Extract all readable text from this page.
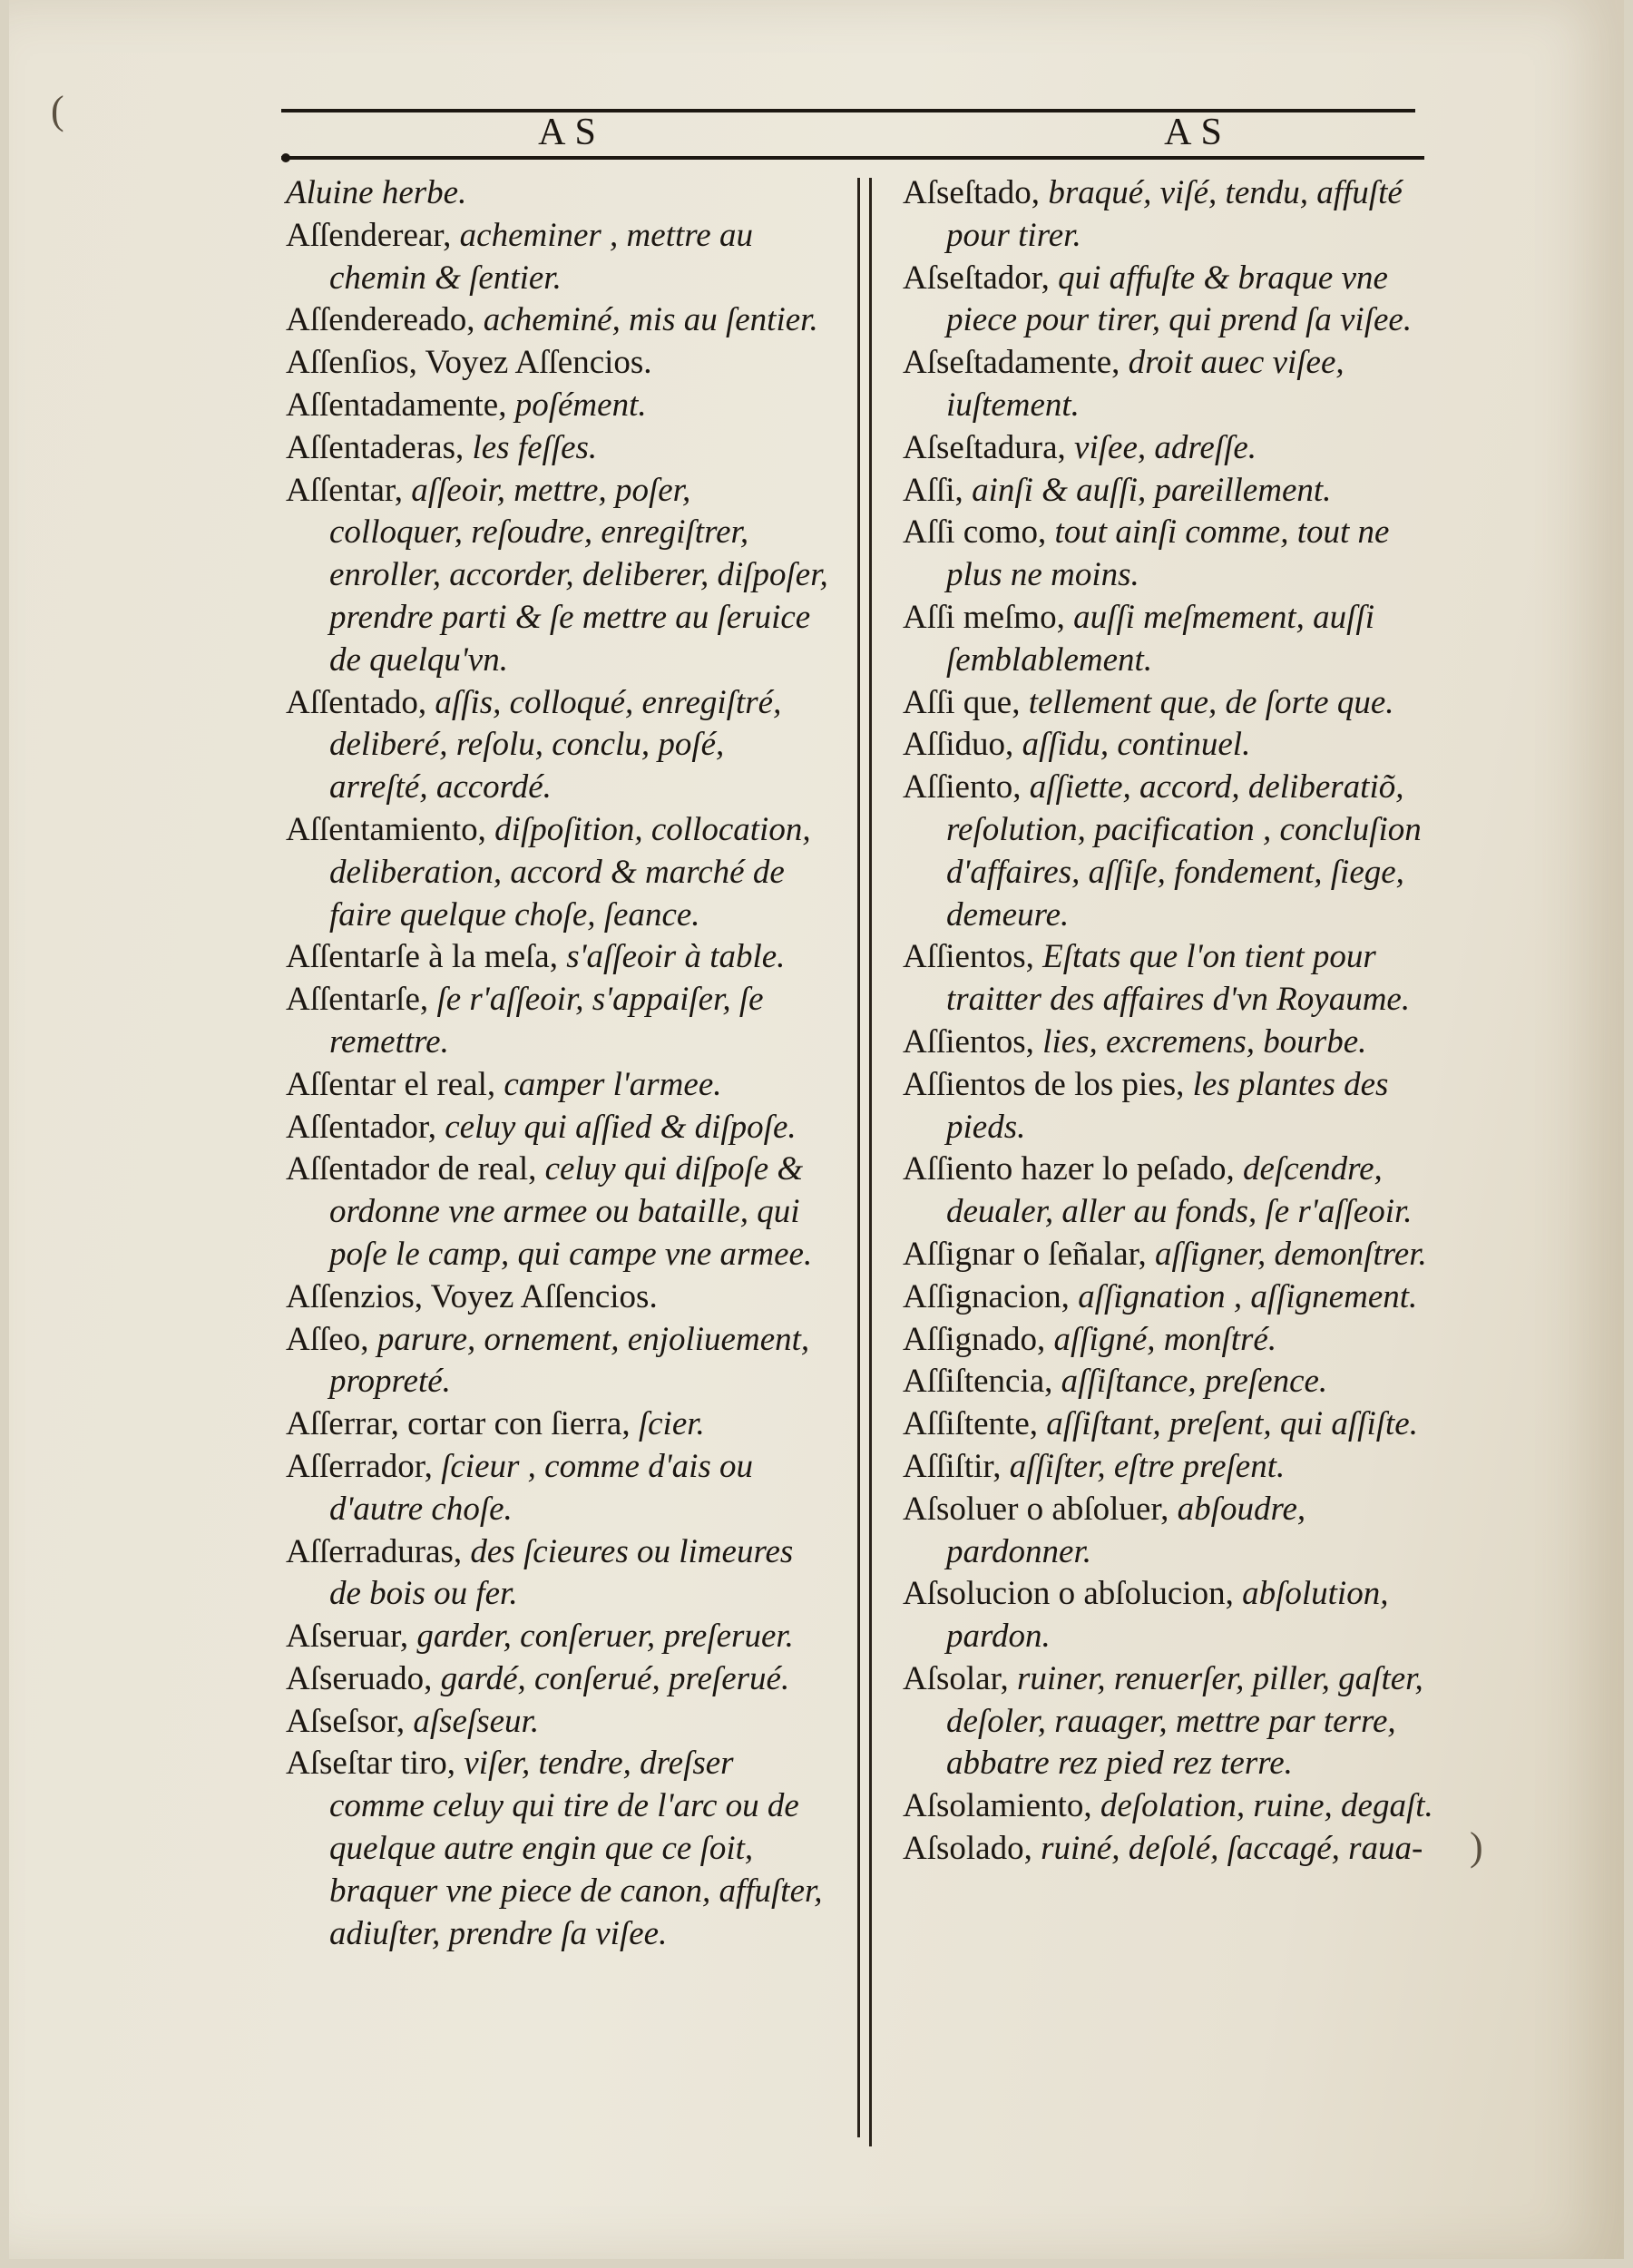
(
)
AS	AS

Aluine herbe.

Aſſenderear, acheminer , mettre au chemin & ſentier.

Aſſendereado, acheminé, mis au ſentier.

Aſſenſios, Voyez Aſſencios.

Aſſentadamente, poſément.

Aſſentaderas, les feſſes.

Aſſentar, aſſeoir, mettre, poſer, colloquer, reſoudre, enregiſtrer, enroller, accorder, deliberer, diſpoſer, prendre parti & ſe mettre au ſeruice de quelqu'vn.

Aſſentado, aſſis, colloqué, enregiſtré, deliberé, reſolu, conclu, poſé, arreſté, accordé.

Aſſentamiento, diſpoſition, collocation, deliberation, accord & marché de faire quelque choſe, ſeance.

Aſſentarſe à la meſa, s'aſſeoir à table.

Aſſentarſe, ſe r'aſſeoir, s'appaiſer, ſe remettre.

Aſſentar el real, camper l'armee.

Aſſentador, celuy qui aſſied & diſpoſe.

Aſſentador de real, celuy qui diſpoſe & ordonne vne armee ou bataille, qui poſe le camp, qui campe vne armee.

Aſſenzios, Voyez Aſſencios.

Aſſeo, parure, ornement, enjoliuement, propreté.

Aſſerrar, cortar con ſierra, ſcier.

Aſſerrador, ſcieur , comme d'ais ou d'autre choſe.

Aſſerraduras, des ſcieures ou limeures de bois ou fer.

Aſseruar, garder, conſeruer, preſeruer.

Aſseruado, gardé, conſerué, preſerué.

Aſseſsor, aſseſseur.

Aſseſtar tiro, viſer, tendre, dreſser comme celuy qui tire de l'arc ou de quelque autre engin que ce ſoit, braquer vne piece de canon, affuſter, adiuſter, prendre ſa viſee.

Aſseſtado, braqué, viſé, tendu, affuſté pour tirer.

Aſseſtador, qui affuſte & braque vne piece pour tirer, qui prend ſa viſee.

Aſseſtadamente, droit auec viſee, iuſtement.

Aſseſtadura, viſee, adreſſe.

Aſſi, ainſi & auſſi, pareillement.

Aſſi como, tout ainſi comme, tout ne plus ne moins.

Aſſi meſmo, auſſi meſmement, auſſi ſemblablement.

Aſſi que, tellement que, de ſorte que.

Aſſiduo, aſſidu, continuel.

Aſſiento, aſſiette, accord, deliberatiõ, reſolution, pacification , concluſion d'affaires, aſſiſe, fondement, ſiege, demeure.

Aſſientos, Eſtats que l'on tient pour traitter des affaires d'vn Royaume.

Aſſientos, lies, excremens, bourbe.

Aſſientos de los pies, les plantes des pieds.

Aſſiento hazer lo peſado, deſcendre, deualer, aller au fonds, ſe r'aſſeoir.

Aſſignar o ſeñalar, aſſigner, demonſtrer.

Aſſignacion, aſſignation , aſſignement.

Aſſignado, aſſigné, monſtré.

Aſſiſtencia, aſſiſtance, preſence.

Aſſiſtente, aſſiſtant, preſent, qui aſſiſte.

Aſſiſtir, aſſiſter, eſtre preſent.

Aſsoluer o abſoluer, abſoudre, pardonner.

Aſsolucion o abſolucion, abſolution, pardon.

Aſsolar, ruiner, renuerſer, piller, gaſter, deſoler, rauager, mettre par terre, abbatre rez pied rez terre.

Aſsolamiento, deſolation, ruine, degaſt.

Aſsolado, ruiné, deſolé, ſaccagé, raua-
